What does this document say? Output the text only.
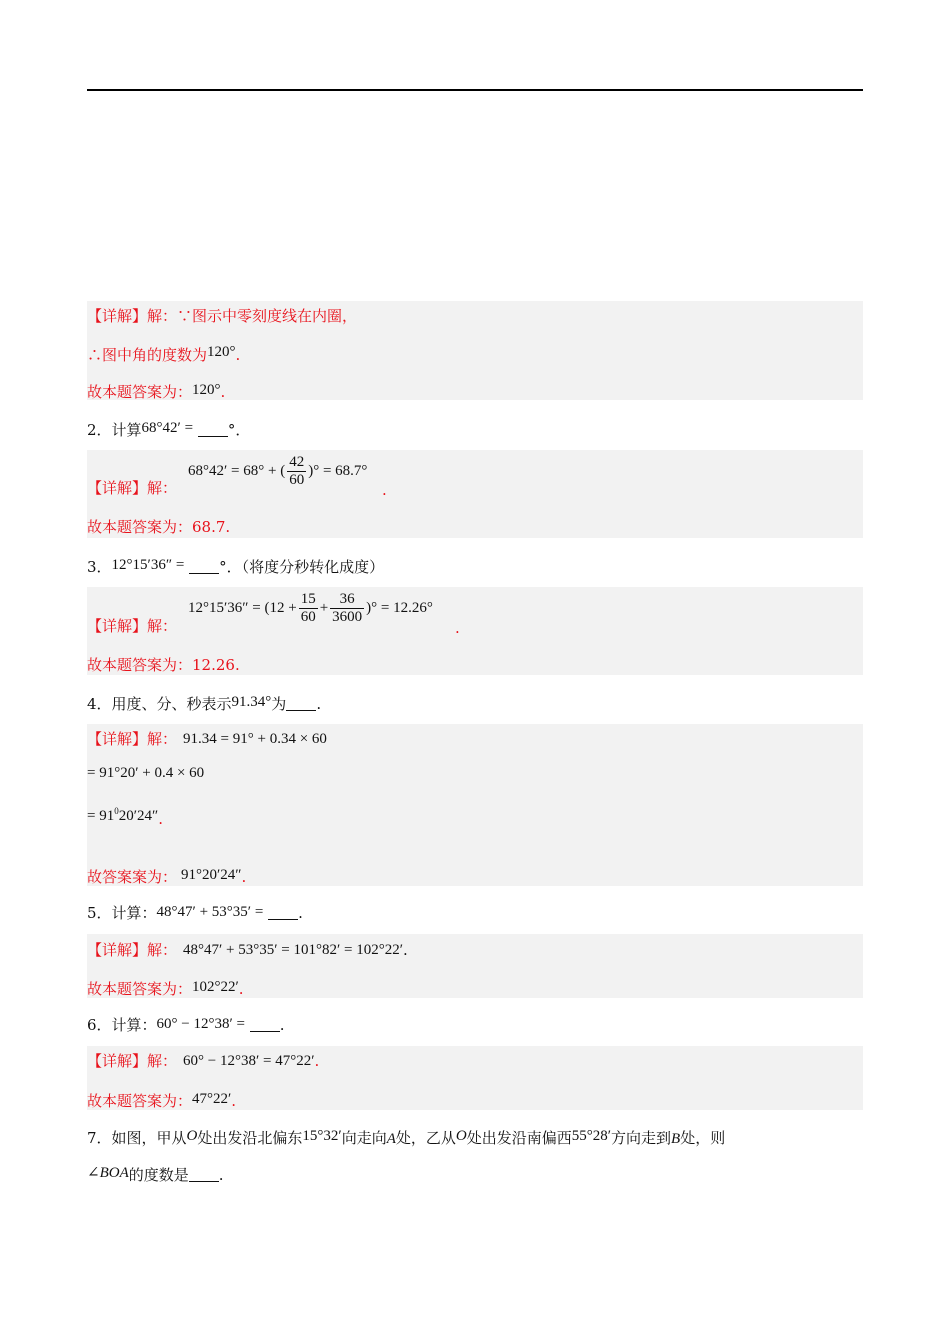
【详解】解：∵图示中零刻度线在内圈，
∴图中角的度数为120°.
故本题答案为：120°.
2．计算68°42′ = °．
【详解】解：
68°42′ = 68° + ( $\frac{42}{60}$ )° = 68.7°
.
故本题答案为：68.7.
3．12°15′36″ = °．（将度分秒转化成度）
【详解】解：
$12^\circ 15'36'' = (12 + \frac{15}{60} + \frac{36}{3600}$ )° = 12.26°
.
故本题答案为：12.26.
4．用度、分、秒表示91.34°为 .
【详解】解： 91.34 = 91° + 0.34 × 60
= 91°20′ + 0.4 × 60
= $91^020'24''$.
故答案案为： 91°20′24″.
5．计算：48°47′ + 53°35′ = .
【详解】解： 48°47′ + 53°35′ = 101°82′ = 102°22′.
故本题答案为：102°22′.
6．计算：60° − 12°38′ = .
【详解】解： 60° − 12°38′ = 47°22′.
故本题答案为：47°22′.
7．如图，甲从O处出发沿北偏东15°32′向走向A处，乙从O处出发沿南偏西55°28′方向走到B处，则
∠BOA的度数是 .
